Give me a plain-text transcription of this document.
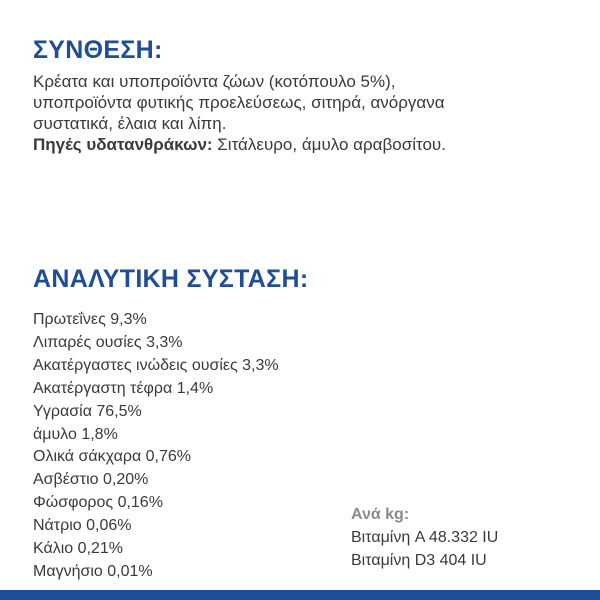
ΣΥΝΘΕΣΗ:
Κρέατα και υποπροϊόντα ζώων (κοτόπουλο 5%),
υποπροϊόντα φυτικής προελεύσεως, σιτηρά, ανόργανα
συστατικά, έλαια και λίπη.
Πηγές υδατανθράκων: Σιτάλευρο, άμυλο αραβοσίτου.
ΑΝΑΛΥΤΙΚΗ ΣΥΣΤΑΣΗ:
Πρωτεΐνες 9,3%
Λιπαρές ουσίες 3,3%
Ακατέργαστες ινώδεις ουσίες 3,3%
Ακατέργαστη τέφρα 1,4%
Υγρασία 76,5%
άμυλο 1,8%
Ολικά σάκχαρα 0,76%
Ασβέστιο 0,20%
Φώσφορος 0,16%
Νάτριο 0,06%
Κάλιο 0,21%
Μαγνήσιο 0,01%
Ανά kg:
Βιταμίνη A 48.332 IU
Βιταμίνη D3 404 IU
